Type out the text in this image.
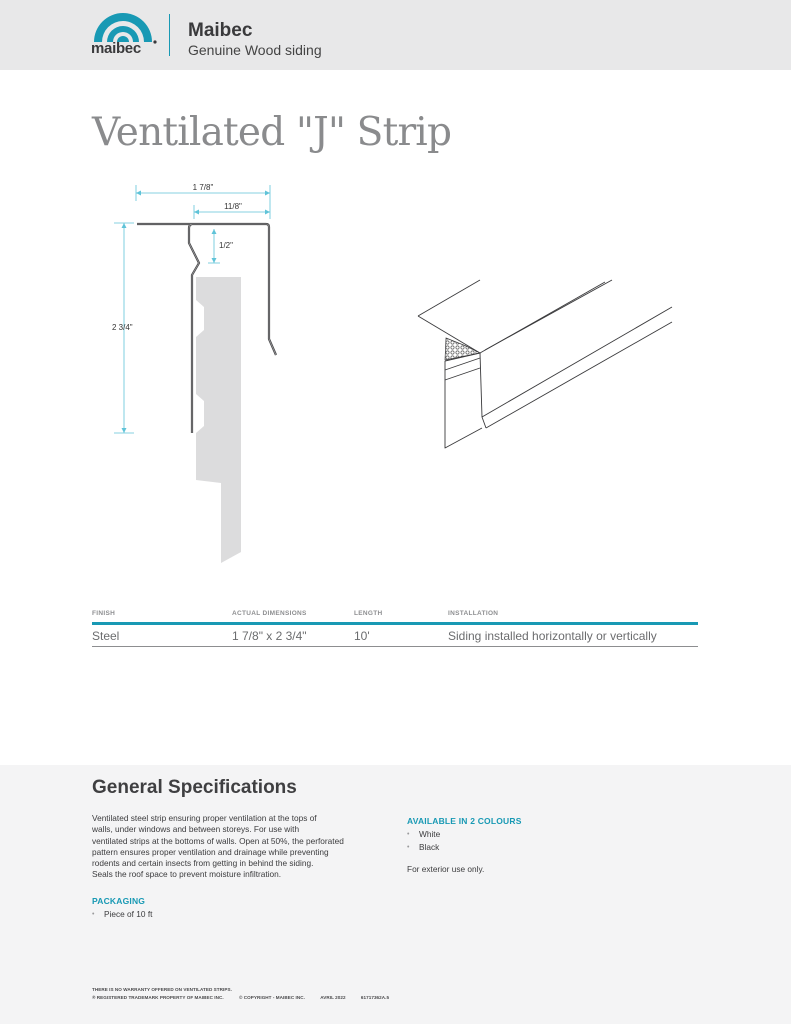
maibec
Maibec
Genuine Wood siding
Ventilated "J" Strip
1 7/8"
11/8"
1/2"
2 3/4"
FINISH	ACTUAL DIMENSIONS	LENGTH	INSTALLATION
Steel	1 7/8" x 2 3/4"	10'	Siding installed horizontally or vertically
General Specifications
Ventilated steel strip ensuring proper ventilation at the tops of
walls, under windows and between storeys. For use with
ventilated strips at the bottoms of walls. Open at 50%, the perforated
pattern ensures proper ventilation and drainage while preventing
rodents and certain insects from getting in behind the siding.
Seals the roof space to prevent moisture infiltration.
PACKAGING
• Piece of 10 ft
AVAILABLE IN 2 COLOURS
• White
• Black
For exterior use only.
THERE IS NO WARRANTY OFFERED ON VENTILATED STRIPS.
® REGISTERED TRADEMARK PROPERTY OF MAIBEC INC.	© COPYRIGHT - MAIBEC INC.	AVRIL 2022	61717362A.5
